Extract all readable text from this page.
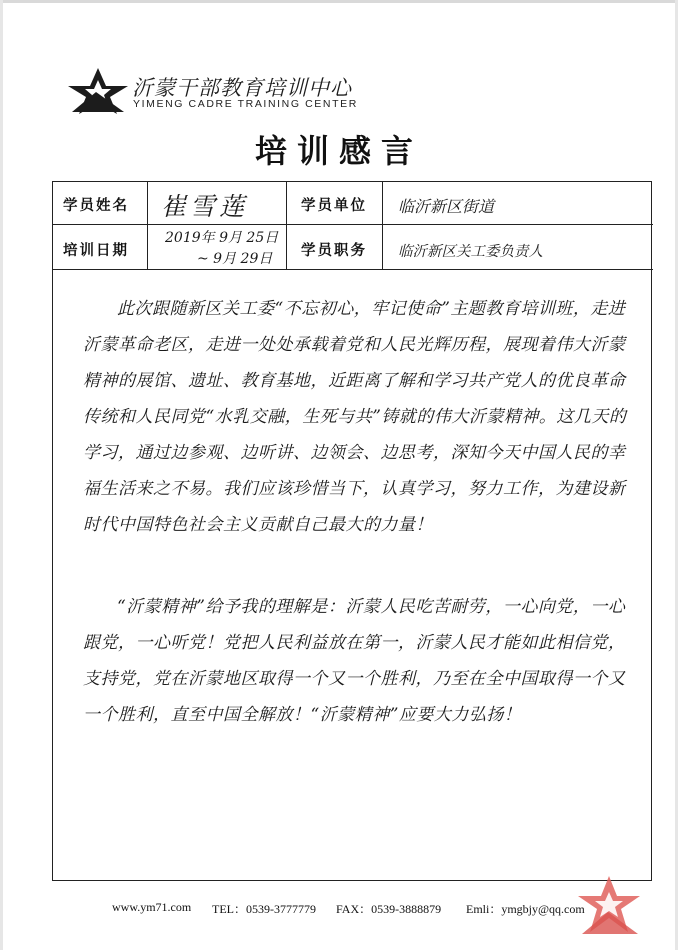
沂蒙干部教育培训中心
YIMENG CADRE TRAINING CENTER
培训感言
学员姓名 崔雪莲	学员单位 临沂新区街道
培训日期
2019年 9月 25日
~ 9月 29日 学员职务 临沂新区关工委负责人
此次跟随新区关工委“不忘初心，牢记使命”主题教育培训班，走进沂蒙革命老区，走进一处处承载着党和人民光辉历程，展现着伟大沂蒙精神的展馆、遗址、教育基地，近距离了解和学习共产党人的优良革命传统和人民同党“水乳交融，生死与共”铸就的伟大沂蒙精神。这几天的学习，通过边参观、边听讲、边领会、边思考，深知今天中国人民的幸福生活来之不易。我们应该珍惜当下，认真学习，努力工作，为建设新时代中国特色社会主义贡献自己最大的力量！
“沂蒙精神”给予我的理解是：沂蒙人民吃苦耐劳，一心向党，一心跟党，一心听党！党把人民利益放在第一，沂蒙人民才能如此相信党，支持党，党在沂蒙地区取得一个又一个胜利，乃至在全中国取得一个又一个胜利，直至中国全解放！“沂蒙精神”应要大力弘扬！
www.ym71.com TEL：0539-3777779 FAX：0539-3888879 Emli：ymgbjy@qq.com
